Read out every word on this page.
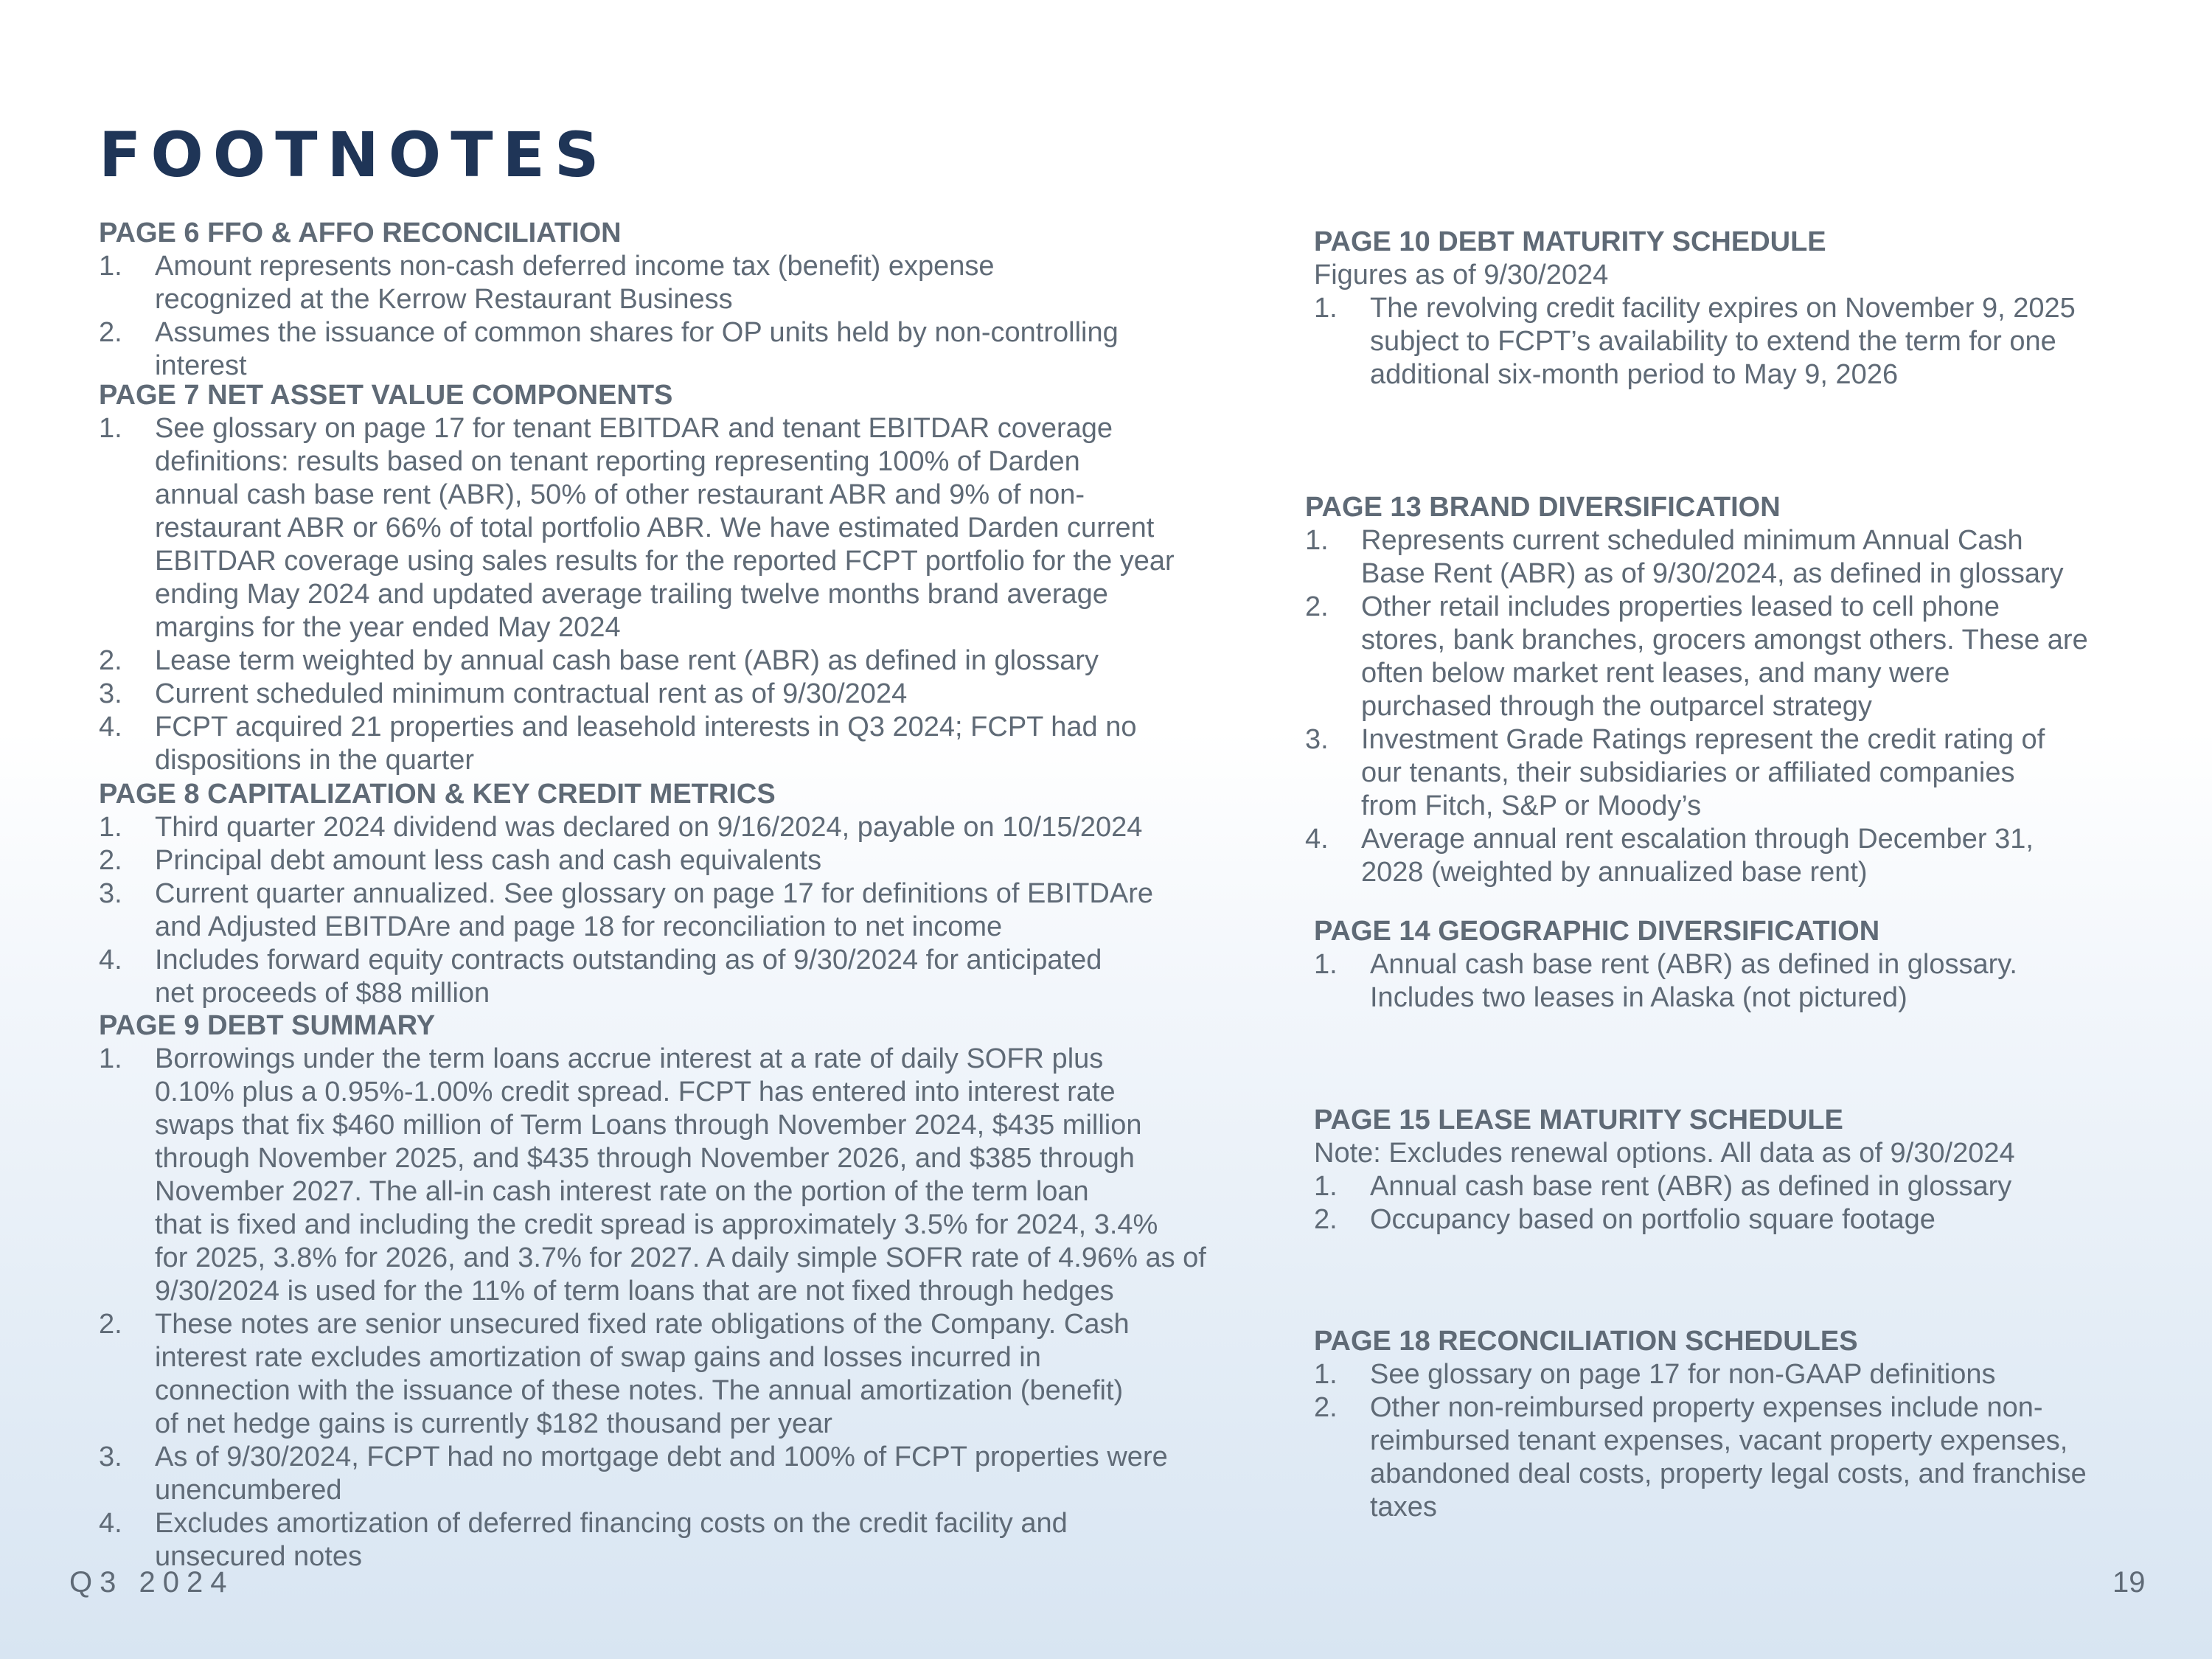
FOOTNOTES
PAGE 6 FFO & AFFO RECONCILIATION
1. Amount represents non-cash deferred income tax (benefit) expense
recognized at the Kerrow Restaurant Business
2. Assumes the issuance of common shares for OP units held by non-controlling
interest
PAGE 7 NET ASSET VALUE COMPONENTS
1. See glossary on page 17 for tenant EBITDAR and tenant EBITDAR coverage
definitions: results based on tenant reporting representing 100% of Darden
annual cash base rent (ABR), 50% of other restaurant ABR and 9% of non-
restaurant ABR or 66% of total portfolio ABR. We have estimated Darden current
EBITDAR coverage using sales results for the reported FCPT portfolio for the year
ending May 2024 and updated average trailing twelve months brand average
margins for the year ended May 2024
2. Lease term weighted by annual cash base rent (ABR) as defined in glossary
3. Current scheduled minimum contractual rent as of 9/30/2024
4. FCPT acquired 21 properties and leasehold interests in Q3 2024; FCPT had no
dispositions in the quarter
PAGE 8 CAPITALIZATION & KEY CREDIT METRICS
1. Third quarter 2024 dividend was declared on 9/16/2024, payable on 10/15/2024
2. Principal debt amount less cash and cash equivalents
3. Current quarter annualized. See glossary on page 17 for definitions of EBITDAre
and Adjusted EBITDAre and page 18 for reconciliation to net income
4. Includes forward equity contracts outstanding as of 9/30/2024 for anticipated
net proceeds of $88 million
PAGE 9 DEBT SUMMARY
1. Borrowings under the term loans accrue interest at a rate of daily SOFR plus
0.10% plus a 0.95%-1.00% credit spread. FCPT has entered into interest rate
swaps that fix $460 million of Term Loans through November 2024, $435 million
through November 2025, and $435 through November 2026, and $385 through
November 2027. The all-in cash interest rate on the portion of the term loan
that is fixed and including the credit spread is approximately 3.5% for 2024, 3.4%
for 2025, 3.8% for 2026, and 3.7% for 2027. A daily simple SOFR rate of 4.96% as of
9/30/2024 is used for the 11% of term loans that are not fixed through hedges
2. These notes are senior unsecured fixed rate obligations of the Company. Cash
interest rate excludes amortization of swap gains and losses incurred in
connection with the issuance of these notes. The annual amortization (benefit)
of net hedge gains is currently $182 thousand per year
3. As of 9/30/2024, FCPT had no mortgage debt and 100% of FCPT properties were
unencumbered
4. Excludes amortization of deferred financing costs on the credit facility and
unsecured notes
PAGE 10 DEBT MATURITY SCHEDULE
Figures as of 9/30/2024
1. The revolving credit facility expires on November 9, 2025
subject to FCPT’s availability to extend the term for one
additional six-month period to May 9, 2026
PAGE 13 BRAND DIVERSIFICATION
1. Represents current scheduled minimum Annual Cash
Base Rent (ABR) as of 9/30/2024, as defined in glossary
2. Other retail includes properties leased to cell phone
stores, bank branches, grocers amongst others. These are
often below market rent leases, and many were
purchased through the outparcel strategy
3. Investment Grade Ratings represent the credit rating of
our tenants, their subsidiaries or affiliated companies
from Fitch, S&P or Moody’s
4. Average annual rent escalation through December 31,
2028 (weighted by annualized base rent)
PAGE 14 GEOGRAPHIC DIVERSIFICATION
1. Annual cash base rent (ABR) as defined in glossary.
Includes two leases in Alaska (not pictured)
PAGE 15 LEASE MATURITY SCHEDULE
Note: Excludes renewal options. All data as of 9/30/2024
1. Annual cash base rent (ABR) as defined in glossary
2. Occupancy based on portfolio square footage
PAGE 18 RECONCILIATION SCHEDULES
1. See glossary on page 17 for non-GAAP definitions
2. Other non-reimbursed property expenses include non-
reimbursed tenant expenses, vacant property expenses,
abandoned deal costs, property legal costs, and franchise
taxes
Q3 2024	19
